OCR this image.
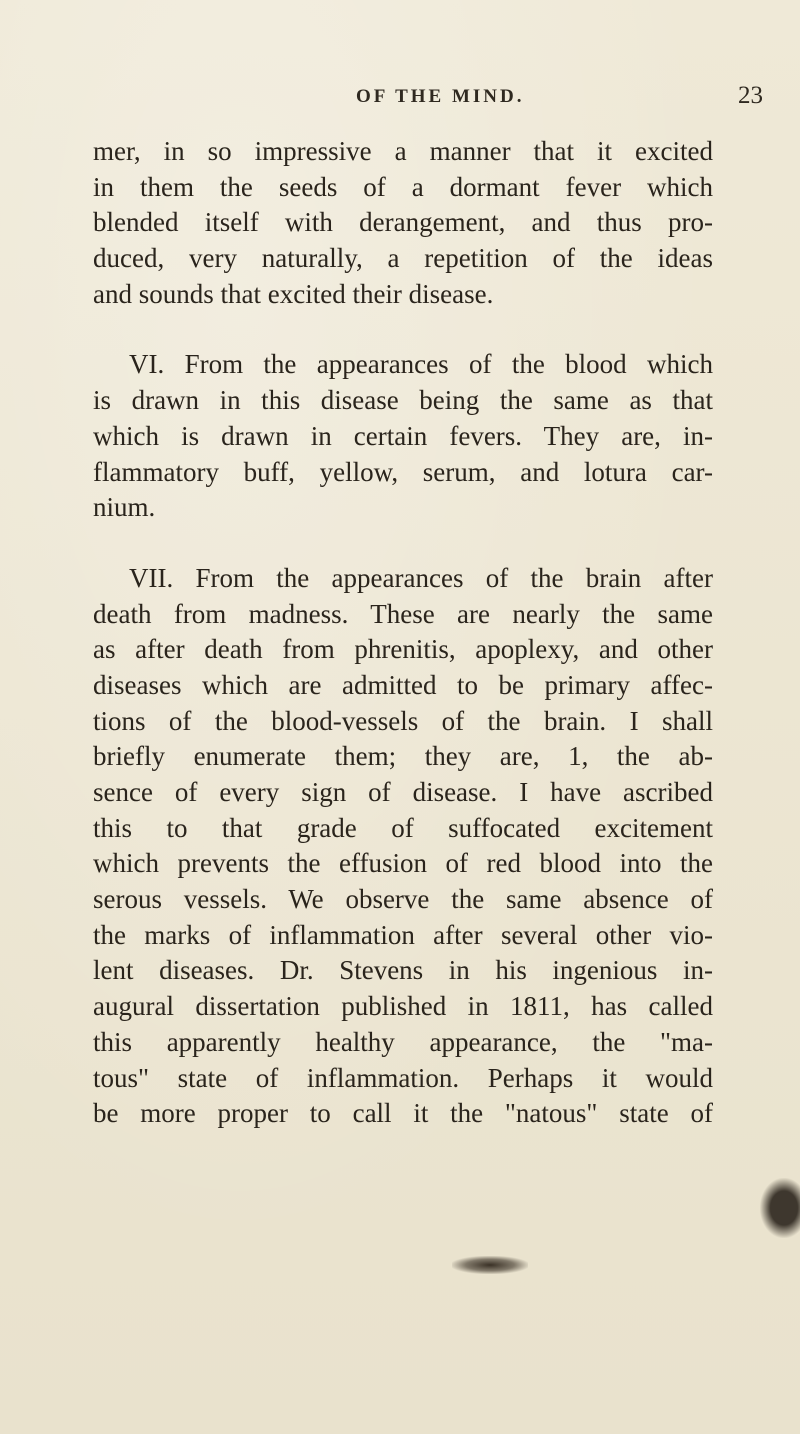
OF THE MIND.	23
mer, in so impressive a manner that it excited
in them the seeds of a dormant fever which
blended itself with derangement, and thus pro-
duced, very naturally, a repetition of the ideas
and sounds that excited their disease.
VI. From the appearances of the blood which
is drawn in this disease being the same as that
which is drawn in certain fevers. They are, in-
flammatory buff, yellow, serum, and lotura car-
nium.
VII. From the appearances of the brain after
death from madness. These are nearly the same
as after death from phrenitis, apoplexy, and other
diseases which are admitted to be primary affec-
tions of the blood-vessels of the brain. I shall
briefly enumerate them; they are, 1, the ab-
sence of every sign of disease. I have ascribed
this to that grade of suffocated excitement
which prevents the effusion of red blood into the
serous vessels. We observe the same absence of
the marks of inflammation after several other vio-
lent diseases. Dr. Stevens in his ingenious in-
augural dissertation published in 1811, has called
this apparently healthy appearance, the "ma-
tous" state of inflammation. Perhaps it would
be more proper to call it the "natous" state of
